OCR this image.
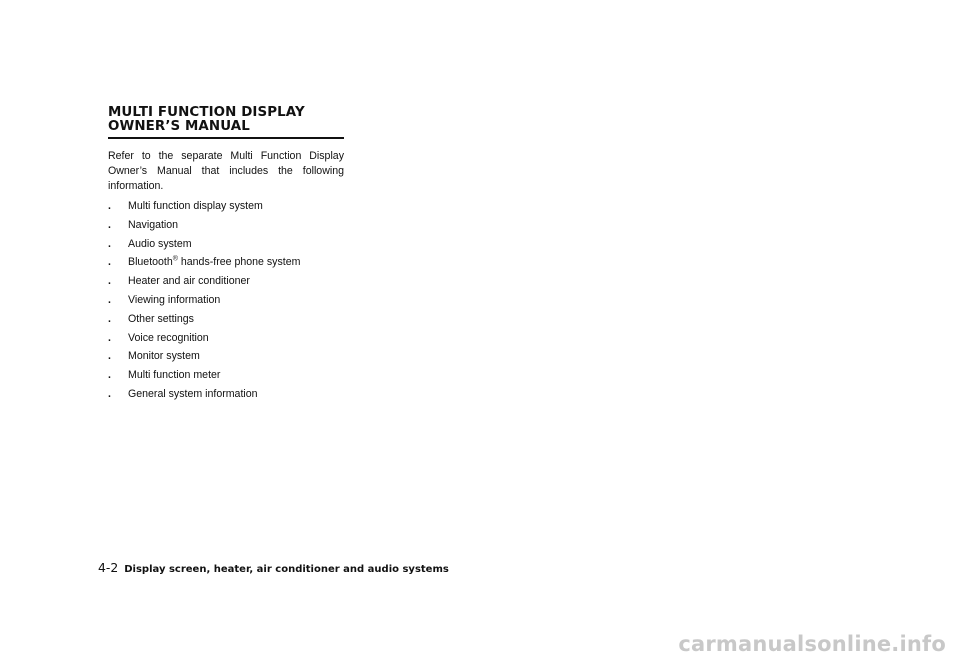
MULTI FUNCTION DISPLAY
OWNER’S MANUAL

Refer to the separate Multi Function Display Owner’s Manual that includes the following information.

. Multi function display system
. Navigation
. Audio system
. Bluetooth® hands-free phone system
. Heater and air conditioner
. Viewing information
. Other settings
. Voice recognition
. Monitor system
. Multi function meter
. General system information
4-2 Display screen, heater, air conditioner and audio systems
carmanualsonline.info
